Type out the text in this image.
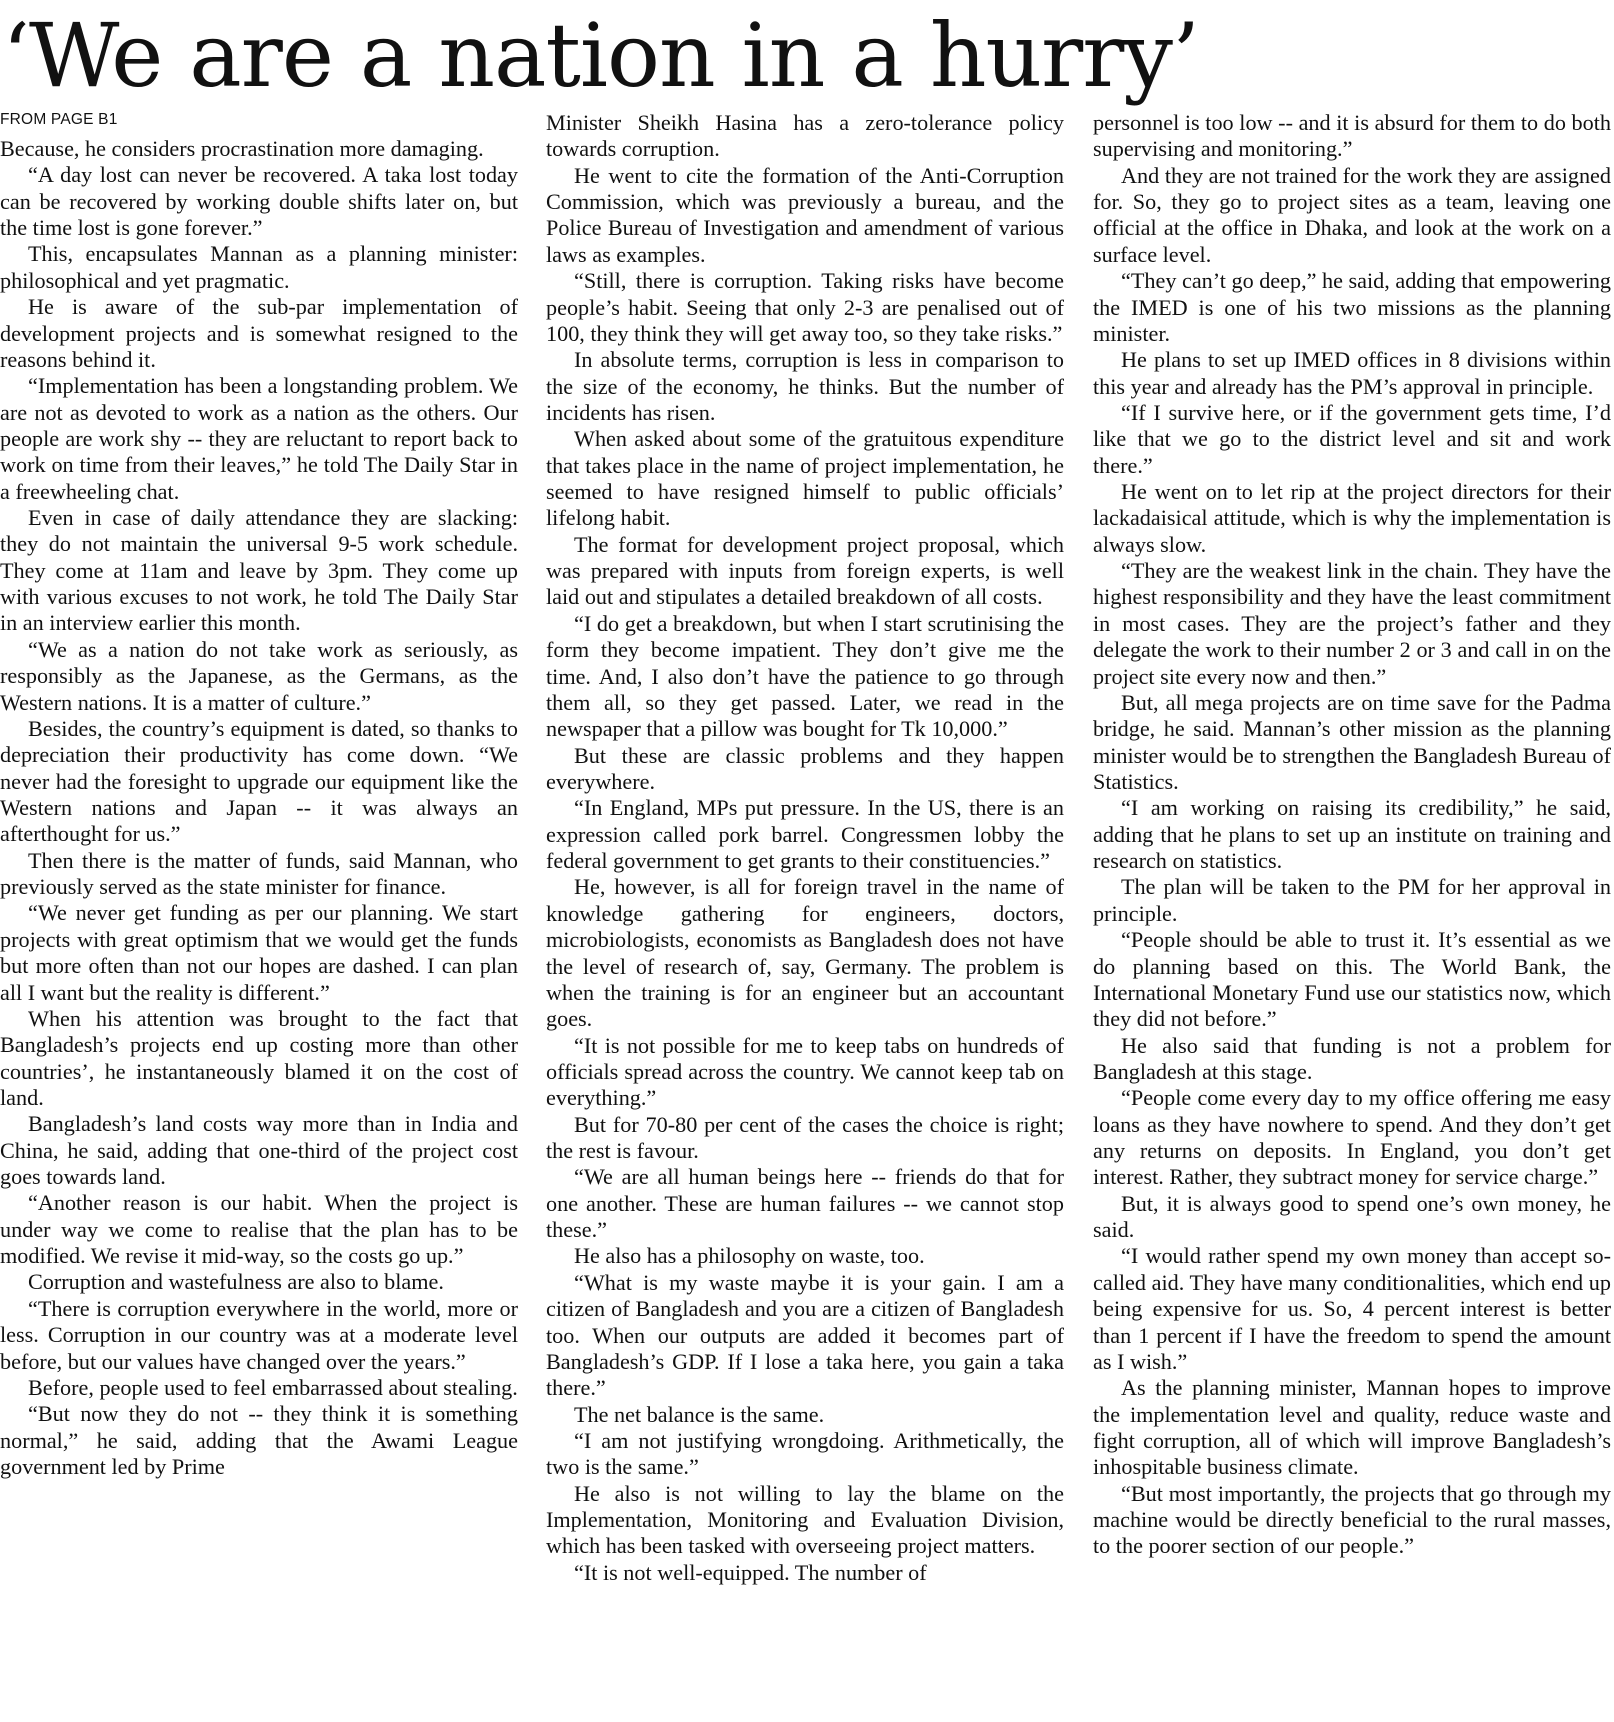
‘We are a nation in a hurry’
FROM PAGE B1

Because, he considers procrastination more damaging.

“A day lost can never be recovered. A taka lost today can be recovered by working double shifts later on, but the time lost is gone forever.”

This, encapsulates Mannan as a planning minister: philosophical and yet pragmatic.

He is aware of the sub-par implementation of development projects and is somewhat resigned to the reasons behind it.

“Implementation has been a longstanding problem. We are not as devoted to work as a nation as the others. Our people are work shy -- they are reluctant to report back to work on time from their leaves,” he told The Daily Star in a freewheeling chat.

Even in case of daily attendance they are slacking: they do not maintain the universal 9-5 work schedule. They come at 11am and leave by 3pm. They come up with various excuses to not work, he told The Daily Star in an interview earlier this month.

“We as a nation do not take work as seriously, as responsibly as the Japanese, as the Germans, as the Western nations. It is a matter of culture.”

Besides, the country’s equipment is dated, so thanks to depreciation their productivity has come down. “We never had the foresight to upgrade our equipment like the Western nations and Japan -- it was always an afterthought for us.”

Then there is the matter of funds, said Mannan, who previously served as the state minister for finance.

“We never get funding as per our planning. We start projects with great optimism that we would get the funds but more often than not our hopes are dashed. I can plan all I want but the reality is different.”

When his attention was brought to the fact that Bangladesh’s projects end up costing more than other countries’, he instantaneously blamed it on the cost of land.

Bangladesh’s land costs way more than in India and China, he said, adding that one-third of the project cost goes towards land.

“Another reason is our habit. When the project is under way we come to realise that the plan has to be modified. We revise it mid-way, so the costs go up.”

Corruption and wastefulness are also to blame.

“There is corruption everywhere in the world, more or less. Corruption in our country was at a moderate level before, but our values have changed over the years.”

Before, people used to feel embarrassed about stealing.

“But now they do not -- they think it is something normal,” he said, adding that the Awami League government led by Prime

Minister Sheikh Hasina has a zero-tolerance policy towards corruption.

He went to cite the formation of the Anti-Corruption Commission, which was previously a bureau, and the Police Bureau of Investigation and amendment of various laws as examples.

“Still, there is corruption. Taking risks have become people’s habit. Seeing that only 2-3 are penalised out of 100, they think they will get away too, so they take risks.”

In absolute terms, corruption is less in comparison to the size of the economy, he thinks. But the number of incidents has risen.

When asked about some of the gratuitous expenditure that takes place in the name of project implementation, he seemed to have resigned himself to public officials’ lifelong habit.

The format for development project proposal, which was prepared with inputs from foreign experts, is well laid out and stipulates a detailed breakdown of all costs.

“I do get a breakdown, but when I start scrutinising the form they become impatient. They don’t give me the time. And, I also don’t have the patience to go through them all, so they get passed. Later, we read in the newspaper that a pillow was bought for Tk 10,000.”

But these are classic problems and they happen everywhere.

“In England, MPs put pressure. In the US, there is an expression called pork barrel. Congressmen lobby the federal government to get grants to their constituencies.”

He, however, is all for foreign travel in the name of knowledge gathering for engineers, doctors, microbiologists, economists as Bangladesh does not have the level of research of, say, Germany. The problem is when the training is for an engineer but an accountant goes.

“It is not possible for me to keep tabs on hundreds of officials spread across the country. We cannot keep tab on everything.”

But for 70-80 per cent of the cases the choice is right; the rest is favour.

“We are all human beings here -- friends do that for one another. These are human failures -- we cannot stop these.”

He also has a philosophy on waste, too.

“What is my waste maybe it is your gain. I am a citizen of Bangladesh and you are a citizen of Bangladesh too. When our outputs are added it becomes part of Bangladesh’s GDP. If I lose a taka here, you gain a taka there.”

The net balance is the same.

“I am not justifying wrongdoing. Arithmetically, the two is the same.”

He also is not willing to lay the blame on the Implementation, Monitoring and Evaluation Division, which has been tasked with overseeing project matters.

“It is not well-equipped. The number of

personnel is too low -- and it is absurd for them to do both supervising and monitoring.”

And they are not trained for the work they are assigned for. So, they go to project sites as a team, leaving one official at the office in Dhaka, and look at the work on a surface level.

“They can’t go deep,” he said, adding that empowering the IMED is one of his two missions as the planning minister.

He plans to set up IMED offices in 8 divisions within this year and already has the PM’s approval in principle.

“If I survive here, or if the government gets time, I’d like that we go to the district level and sit and work there.”

He went on to let rip at the project directors for their lackadaisical attitude, which is why the implementation is always slow.

“They are the weakest link in the chain. They have the highest responsibility and they have the least commitment in most cases. They are the project’s father and they delegate the work to their number 2 or 3 and call in on the project site every now and then.”

But, all mega projects are on time save for the Padma bridge, he said. Mannan’s other mission as the planning minister would be to strengthen the Bangladesh Bureau of Statistics.

“I am working on raising its credibility,” he said, adding that he plans to set up an institute on training and research on statistics.

The plan will be taken to the PM for her approval in principle.

“People should be able to trust it. It’s essential as we do planning based on this. The World Bank, the International Monetary Fund use our statistics now, which they did not before.”

He also said that funding is not a problem for Bangladesh at this stage.

“People come every day to my office offering me easy loans as they have nowhere to spend. And they don’t get any returns on deposits. In England, you don’t get interest. Rather, they subtract money for service charge.”

But, it is always good to spend one’s own money, he said.

“I would rather spend my own money than accept so-called aid. They have many conditionalities, which end up being expensive for us. So, 4 percent interest is better than 1 percent if I have the freedom to spend the amount as I wish.”

As the planning minister, Mannan hopes to improve the implementation level and quality, reduce waste and fight corruption, all of which will improve Bangladesh’s inhospitable business climate.

“But most importantly, the projects that go through my machine would be directly beneficial to the rural masses, to the poorer section of our people.”
